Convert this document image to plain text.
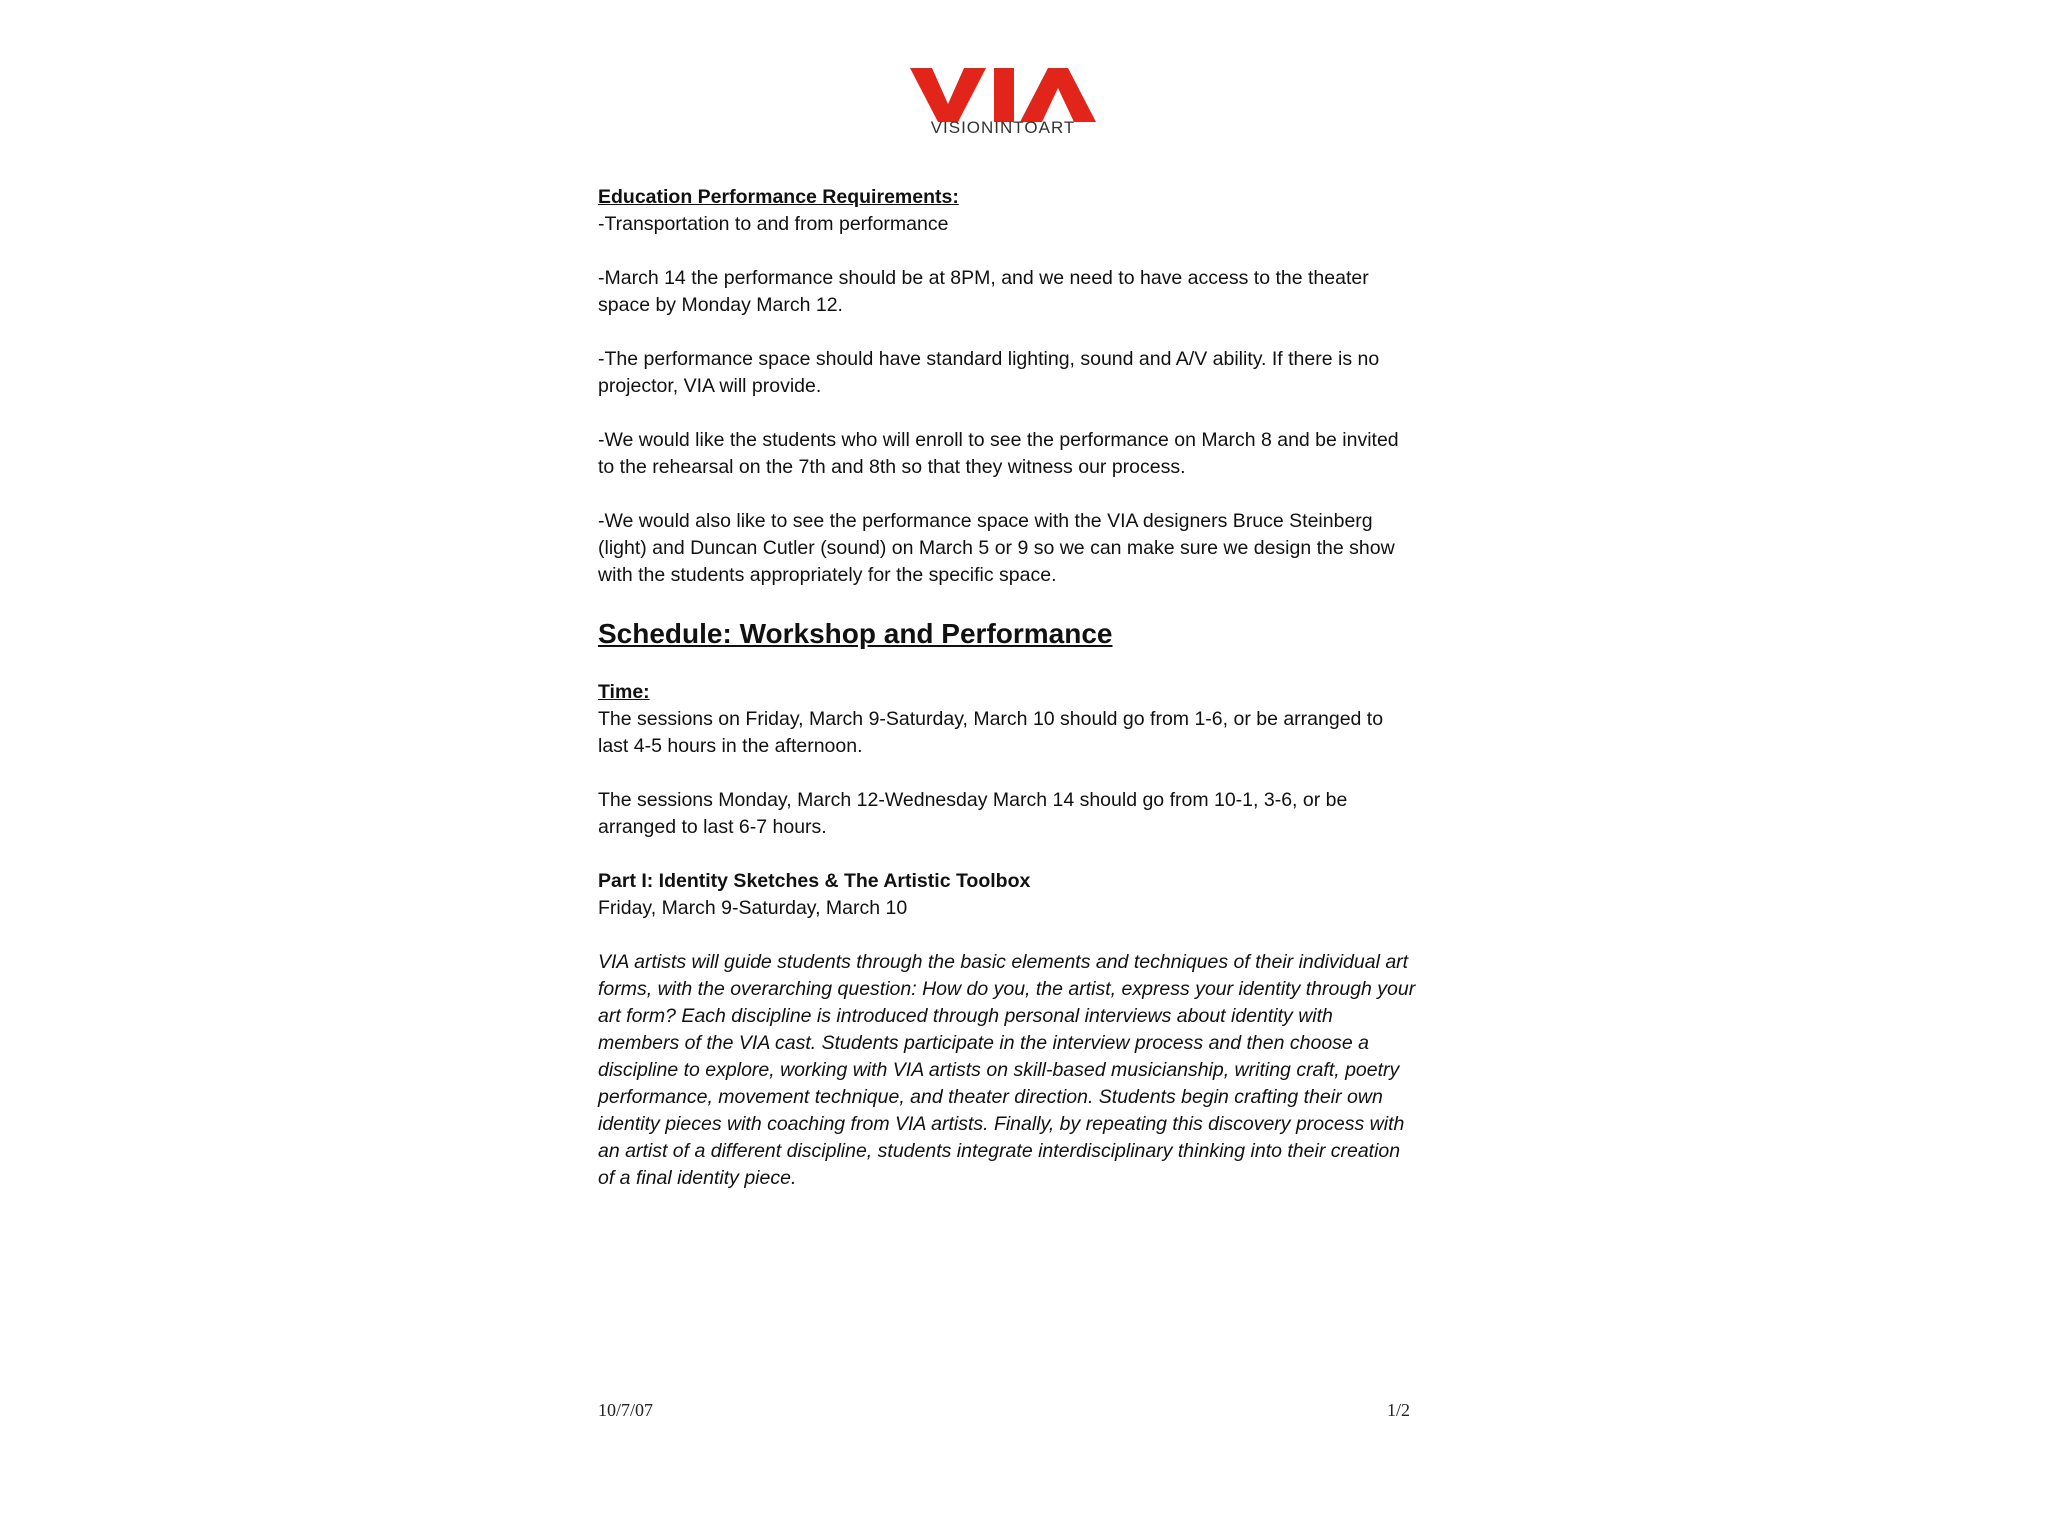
VISIONINTOART

Education Performance Requirements:

-Transportation to and from performance

-March 14 the performance should be at 8PM, and we need to have access to the theater space by Monday March 12.

-The performance space should have standard lighting, sound and A/V ability. If there is no projector, VIA will provide.

-We would like the students who will enroll to see the performance on March 8 and be invited to the rehearsal on the 7th and 8th so that they witness our process.

-We would also like to see the performance space with the VIA designers Bruce Steinberg (light) and Duncan Cutler (sound) on March 5 or 9 so we can make sure we design the show with the students appropriately for the specific space.

Schedule: Workshop and Performance

Time:

The sessions on Friday, March 9-Saturday, March 10 should go from 1-6, or be arranged to last 4-5 hours in the afternoon.

The sessions Monday, March 12-Wednesday March 14 should go from 10-1, 3-6, or be arranged to last 6-7 hours.

Part I: Identity Sketches & The Artistic Toolbox

Friday, March 9-Saturday, March 10

VIA artists will guide students through the basic elements and techniques of their individual art forms, with the overarching question: How do you, the artist, express your identity through your art form? Each discipline is introduced through personal interviews about identity with members of the VIA cast. Students participate in the interview process and then choose a discipline to explore, working with VIA artists on skill-based musicianship, writing craft, poetry performance, movement technique, and theater direction. Students begin crafting their own identity pieces with coaching from VIA artists. Finally, by repeating this discovery process with an artist of a different discipline, students integrate interdisciplinary thinking into their creation of a final identity piece.

10/7/07	1/2
